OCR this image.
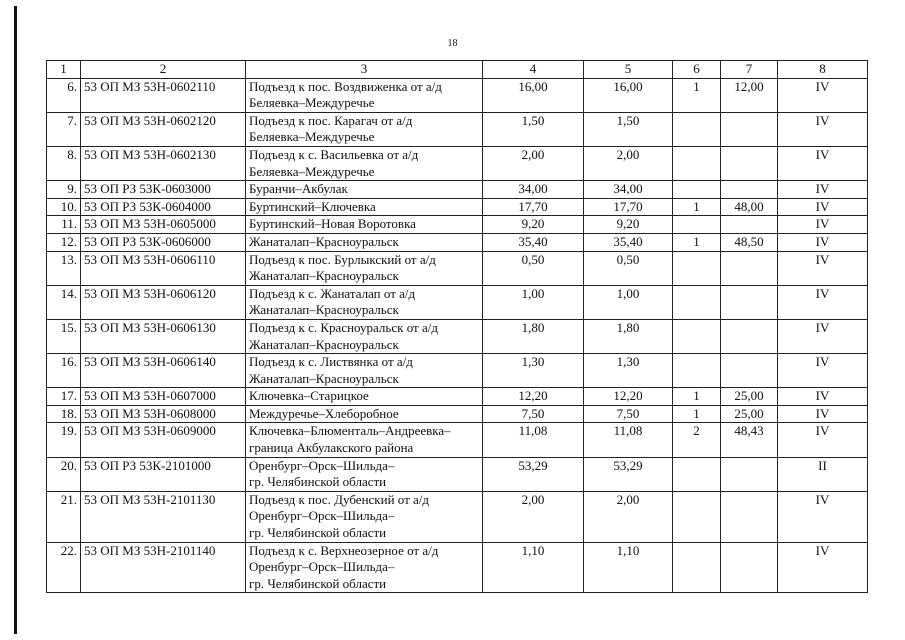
18
1	2	3	4	5	6	7	8
6.	53 ОП МЗ 53Н-0602110	Подъезд к пос. Воздвиженка от а/д
Беляевка–Междуречье	16,00	16,00	1	12,00	IV
7.	53 ОП МЗ 53Н-0602120	Подъезд к пос. Карагач от а/д
Беляевка–Междуречье	1,50	1,50			IV
8.	53 ОП МЗ 53Н-0602130	Подъезд к с. Васильевка от а/д
Беляевка–Междуречье	2,00	2,00			IV
9.	53 ОП РЗ 53К-0603000	Буранчи–Акбулак	34,00	34,00			IV
10.	53 ОП РЗ 53К-0604000	Буртинский–Ключевка	17,70	17,70	1	48,00	IV
11.	53 ОП МЗ 53Н-0605000	Буртинский–Новая Воротовка	9,20	9,20			IV
12.	53 ОП РЗ 53К-0606000	Жанаталап–Красноуральск	35,40	35,40	1	48,50	IV
13.	53 ОП МЗ 53Н-0606110	Подъезд к пос. Бурлыкский от а/д
Жанаталап–Красноуральск	0,50	0,50			IV
14.	53 ОП МЗ 53Н-0606120	Подъезд к с. Жанаталап от а/д
Жанаталап–Красноуральск	1,00	1,00			IV
15.	53 ОП МЗ 53Н-0606130	Подъезд к с. Красноуральск от а/д
Жанаталап–Красноуральск	1,80	1,80			IV
16.	53 ОП МЗ 53Н-0606140	Подъезд к с. Листвянка от а/д
Жанаталап–Красноуральск	1,30	1,30			IV
17.	53 ОП МЗ 53Н-0607000	Ключевка–Старицкое	12,20	12,20	1	25,00	IV
18.	53 ОП МЗ 53Н-0608000	Междуречье–Хлеборобное	7,50	7,50	1	25,00	IV
19.	53 ОП МЗ 53Н-0609000	Ключевка–Блюменталь–Андреевка–
граница Акбулакского района	11,08	11,08	2	48,43	IV
20.	53 ОП РЗ 53К-2101000	Оренбург–Орск–Шильда–
гр. Челябинской области	53,29	53,29			II
21.	53 ОП МЗ 53Н-2101130	Подъезд к пос. Дубенский от а/д
Оренбург–Орск–Шильда–
гр. Челябинской области	2,00	2,00			IV
22.	53 ОП МЗ 53Н-2101140	Подъезд к с. Верхнеозерное от а/д
Оренбург–Орск–Шильда–
гр. Челябинской области	1,10	1,10			IV
